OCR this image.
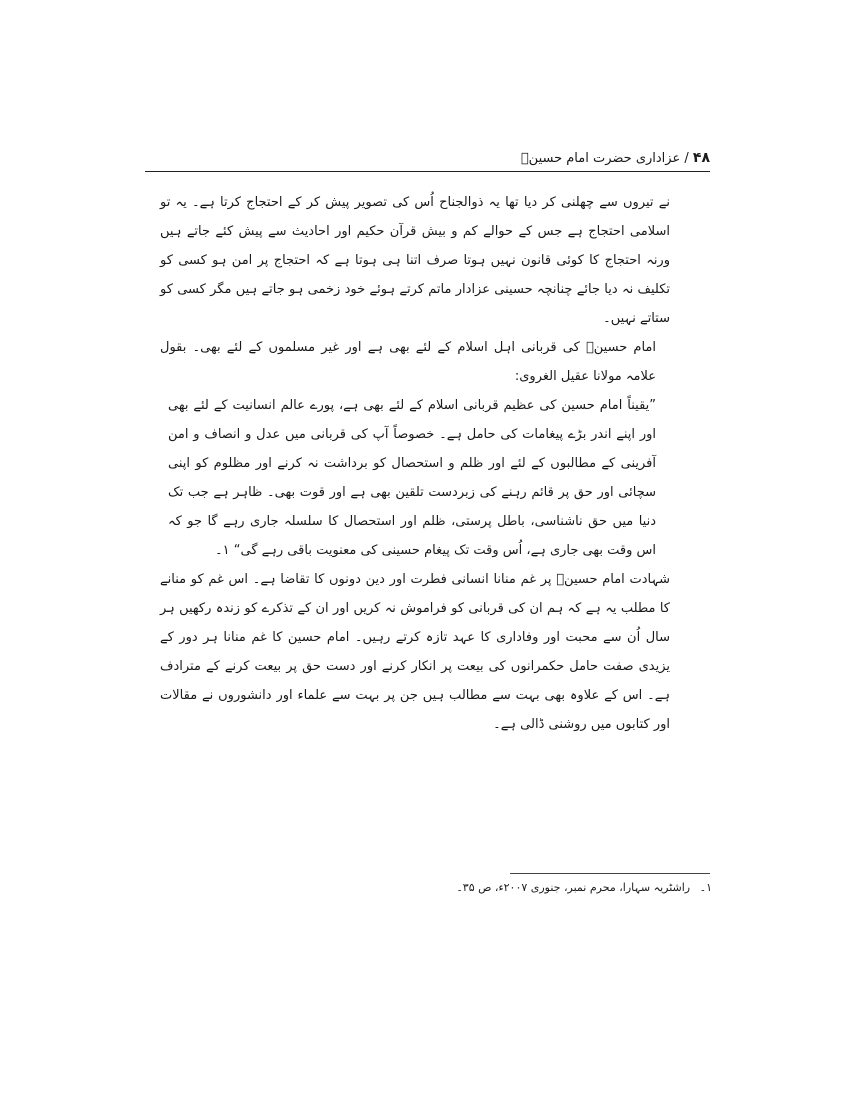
۴۸ / عزاداری حضرت امام حسینؑ

نے تیروں سے چھلنی کر دیا تھا یہ ذوالجناح اُس کی تصویر پیش کر کے احتجاج کرتا ہے۔ یہ تو اسلامی احتجاج ہے جس کے حوالے کم و بیش قرآن حکیم اور احادیث سے پیش کئے جاتے ہیں ورنہ احتجاج کا کوئی قانون نہیں ہوتا صرف اتنا ہی ہوتا ہے کہ احتجاج پر امن ہو کسی کو تکلیف نہ دیا جائے چنانچہ حسینی عزادار ماتم کرتے ہوئے خود زخمی ہو جاتے ہیں مگر کسی کو ستاتے نہیں۔

امام حسینؑ کی قربانی اہل اسلام کے لئے بھی ہے اور غیر مسلموں کے لئے بھی۔ بقول علامہ مولانا عقیل الغروی:

”یقیناً امام حسین کی عظیم قربانی اسلام کے لئے بھی ہے، پورے عالم انسانیت کے لئے بھی اور اپنے اندر بڑے پیغامات کی حامل ہے۔ خصوصاً آپ کی قربانی میں عدل و انصاف و امن آفرینی کے مطالبوں کے لئے اور ظلم و استحصال کو برداشت نہ کرنے اور مظلوم کو اپنی سچائی اور حق پر قائم رہنے کی زبردست تلقین بھی ہے اور قوت بھی۔ ظاہر ہے جب تک دنیا میں حق ناشناسی، باطل پرستی، ظلم اور استحصال کا سلسلہ جاری رہے گا جو کہ اس وقت بھی جاری ہے، اُس وقت تک پیغام حسینی کی معنویت باقی رہے گی“ ۱۔

شہادت امام حسینؑ پر غم منانا انسانی فطرت اور دین دونوں کا تقاضا ہے۔ اس غم کو منانے کا مطلب یہ ہے کہ ہم ان کی قربانی کو فراموش نہ کریں اور ان کے تذکرے کو زندہ رکھیں ہر سال اُن سے محبت اور وفاداری کا عہد تازہ کرتے رہیں۔ امام حسین کا غم منانا ہر دور کے یزیدی صفت حامل حکمرانوں کی بیعت پر انکار کرنے اور دست حق پر بیعت کرنے کے مترادف ہے۔ اس کے علاوہ بھی بہت سے مطالب ہیں جن پر بہت سے علماء اور دانشوروں نے مقالات اور کتابوں میں روشنی ڈالی ہے۔

۱۔ راشٹریہ سہارا، محرم نمبر، جنوری ۲۰۰۷ء، ص ۳۵۔
